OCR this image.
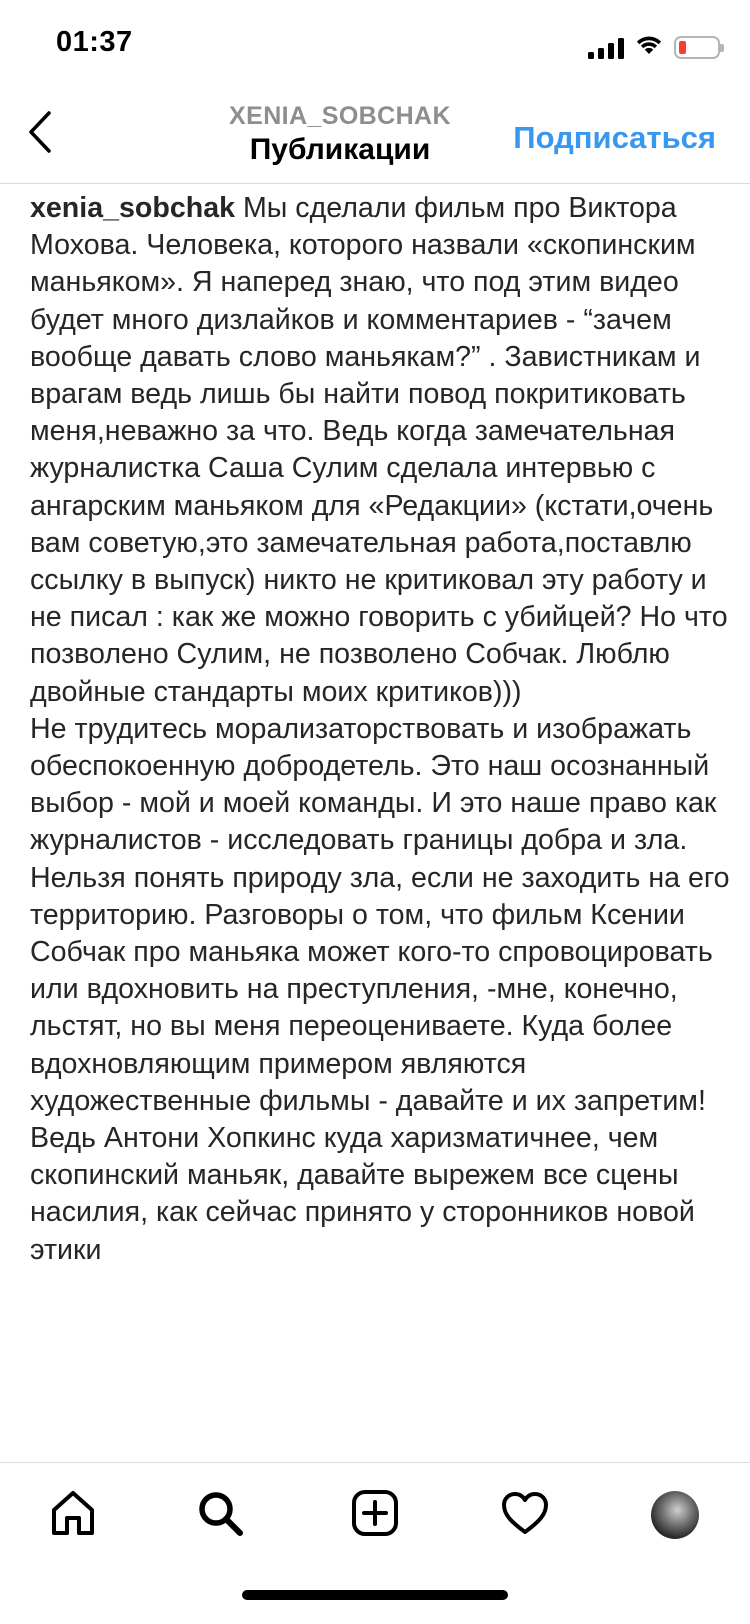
01:37
XENIA_SOBCHAK
Публикации	Подписаться

xenia_sobchak Мы сделали фильм про Виктора Мохова. Человека, которого назвали «скопинским маньяком». Я наперед знаю, что под этим видео будет много дизлайков и комментариев - “зачем вообще давать слово маньякам?” . Завистникам и врагам ведь лишь бы найти повод покритиковать меня,неважно за что. Ведь когда замечательная журналистка Саша Сулим сделала интервью с ангарским маньяком для «Редакции» (кстати,очень вам советую,это замечательная работа,поставлю ссылку в выпуск) никто не критиковал эту работу и не писал : как же можно говорить с убийцей? Но что позволено Сулим, не позволено Собчак. Люблю двойные стандарты моих критиков)))

Не трудитесь морализаторствовать и изображать обеспокоенную добродетель. Это наш осознанный выбор - мой и моей команды. И это наше право как журналистов - исследовать границы добра и зла. Нельзя понять природу зла, если не заходить на его территорию. Разговоры о том, что фильм Ксении Собчак про маньяка может кого-то спровоцировать или вдохновить на преступления, -мне, конечно, льстят, но вы меня переоцениваете. Куда более вдохновляющим примером являются художественные фильмы - давайте и их запретим! Ведь Антони Хопкинс куда харизматичнее, чем скопинский маньяк, давайте вырежем все сцены насилия, как сейчас принято у сторонников новой этики
